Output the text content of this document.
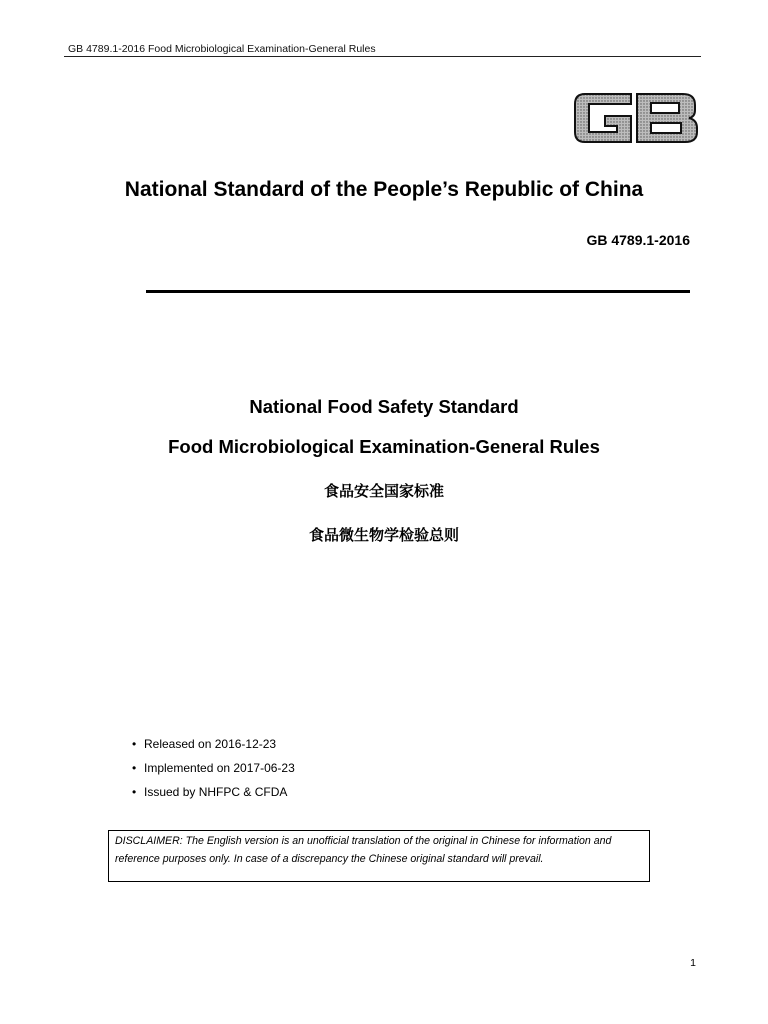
GB 4789.1-2016 Food Microbiological Examination-General Rules
National Standard of the People’s Republic of China
GB 4789.1-2016
National Food Safety Standard
Food Microbiological Examination-General Rules
食品安全国家标准
食品微生物学检验总则
• Released on 2016-12-23
• Implemented on 2017-06-23
• Issued by NHFPC & CFDA
DISCLAIMER: The English version is an unofficial translation of the original in Chinese for information and reference purposes only. In case of a discrepancy the Chinese original standard will prevail.
1
